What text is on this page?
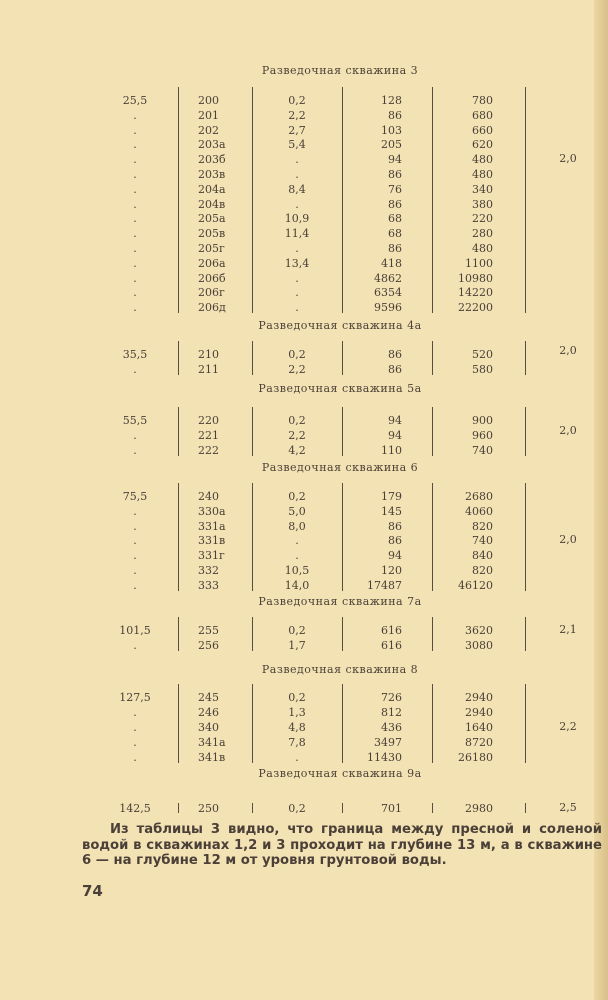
Разведочная скважина 3
25,5	200	0,2	128	780
.	201	2,2	86	680
.	202	2,7	103	660
.	203а	5,4	205	620
.	203б	.	94	480
.	203в	.	86	480
.	204а	8,4	76	340
.	204в	.	86	380
.	205а	10,9	68	220
.	205в	11,4	68	280
.	205г	.	86	480
.	206а	13,4	418	1100
.	206б	.	4862	10980
.	206г	.	6354	14220
.	206д	.	9596	22200
2,0
Разведочная скважина 4а
35,5	210	0,2	86	520
.	211	2,2	86	580
2,0
Разведочная скважина 5а
55,5	220	0,2	94	900
.	221	2,2	94	960
.	222	4,2	110	740
2,0
Разведочная скважина 6
75,5	240	0,2	179	2680
.	330а	5,0	145	4060
.	331а	8,0	86	820
.	331в	.	86	740
.	331г	.	94	840
.	332	10,5	120	820
.	333	14,0	17487	46120
2,0
Разведочная скважина 7а
101,5	255	0,2	616	3620
.	256	1,7	616	3080
2,1
Разведочная скважина 8
127,5	245	0,2	726	2940
.	246	1,3	812	2940
.	340	4,8	436	1640
.	341а	7,8	3497	8720
.	341в	.	11430	26180
2,2
Разведочная скважина 9а
142,5	250	0,2	701	2980	2,5

Из таблицы 3 видно, что граница между пресной и соленой водой в скважинах 1,2 и 3 проходит на глубине 13 м, а в скважине 6 — на глубине 12 м от уровня грунтовой воды.

74
